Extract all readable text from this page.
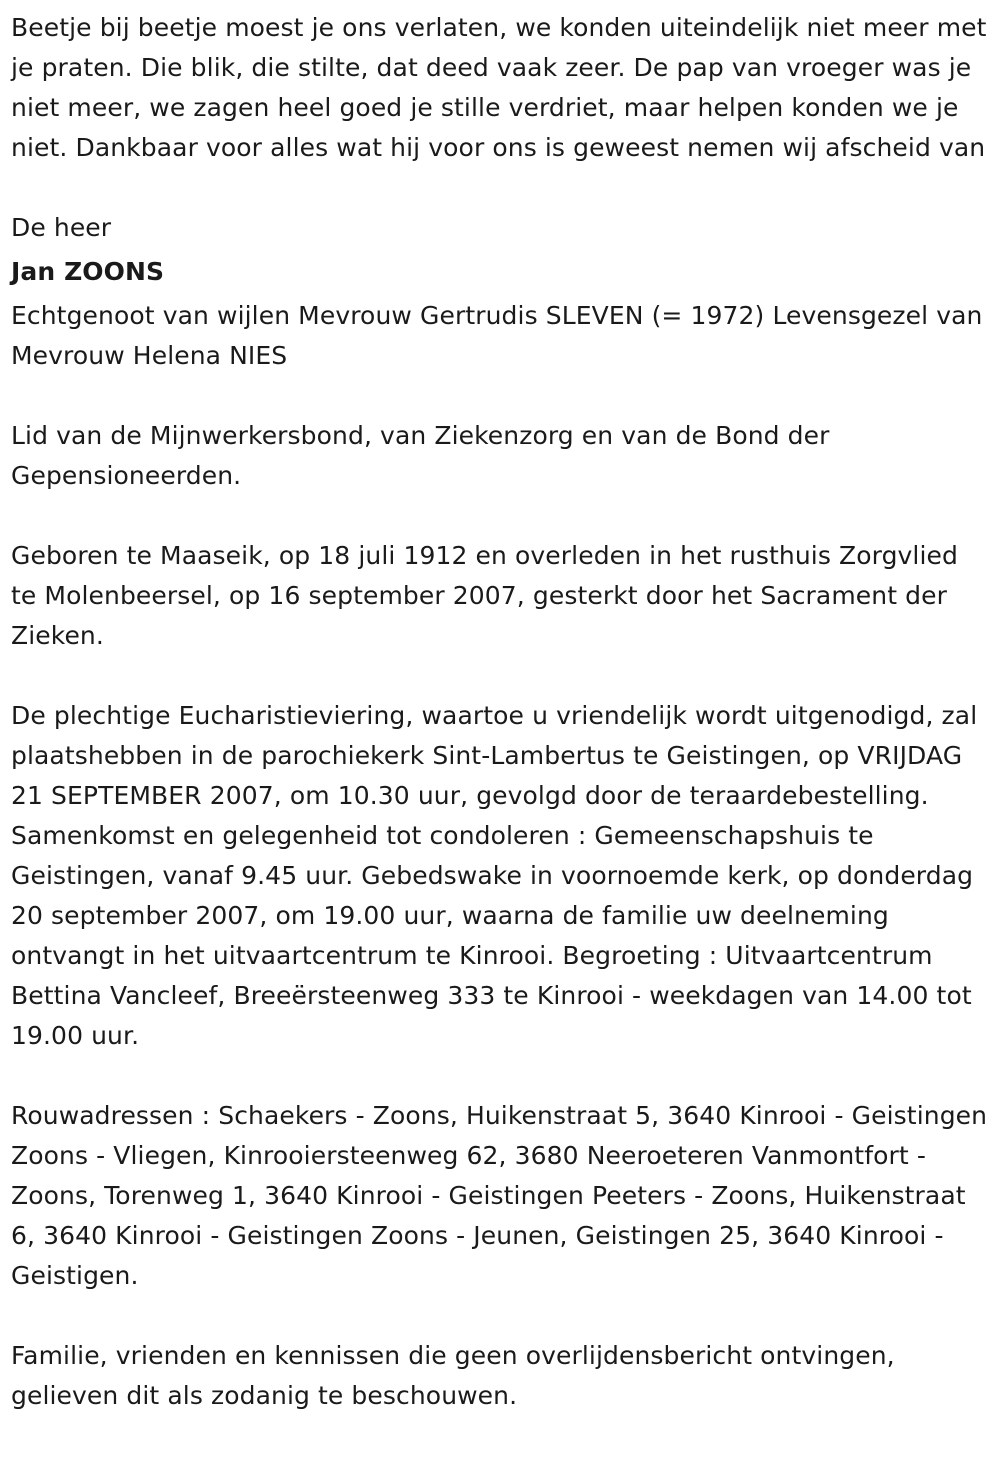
Beetje bij beetje moest je ons verlaten, we konden uiteindelijk niet meer met je praten. Die blik, die stilte, dat deed vaak zeer. De pap van vroeger was je niet meer, we zagen heel goed je stille verdriet, maar helpen konden we je niet. Dankbaar voor alles wat hij voor ons is geweest nemen wij afscheid van

De heer

Jan ZOONS

Echtgenoot van wijlen Mevrouw Gertrudis SLEVEN (= 1972) Levensgezel van Mevrouw Helena NIES

Lid van de Mijnwerkersbond, van Ziekenzorg en van de Bond der Gepensioneerden.

Geboren te Maaseik, op 18 juli 1912 en overleden in het rusthuis Zorgvlied te Molenbeersel, op 16 september 2007, gesterkt door het Sacrament der Zieken.

De plechtige Eucharistieviering, waartoe u vriendelijk wordt uitgenodigd, zal plaatshebben in de parochiekerk Sint-Lambertus te Geistingen, op VRIJDAG 21 SEPTEMBER 2007, om 10.30 uur, gevolgd door de teraardebestelling. Samenkomst en gelegenheid tot condoleren : Gemeenschapshuis te Geistingen, vanaf 9.45 uur. Gebedswake in voornoemde kerk, op donderdag 20 september 2007, om 19.00 uur, waarna de familie uw deelneming ontvangt in het uitvaartcentrum te Kinrooi. Begroeting : Uitvaartcentrum Bettina Vancleef, Breeërsteenweg 333 te Kinrooi - weekdagen van 14.00 tot 19.00 uur.

Rouwadressen : Schaekers - Zoons, Huikenstraat 5, 3640 Kinrooi - Geistingen Zoons - Vliegen, Kinrooiersteenweg 62, 3680 Neeroeteren Vanmontfort - Zoons, Torenweg 1, 3640 Kinrooi - Geistingen Peeters - Zoons, Huikenstraat 6, 3640 Kinrooi - Geistingen Zoons - Jeunen, Geistingen 25, 3640 Kinrooi - Geistigen.

Familie, vrienden en kennissen die geen overlijdensbericht ontvingen, gelieven dit als zodanig te beschouwen.
